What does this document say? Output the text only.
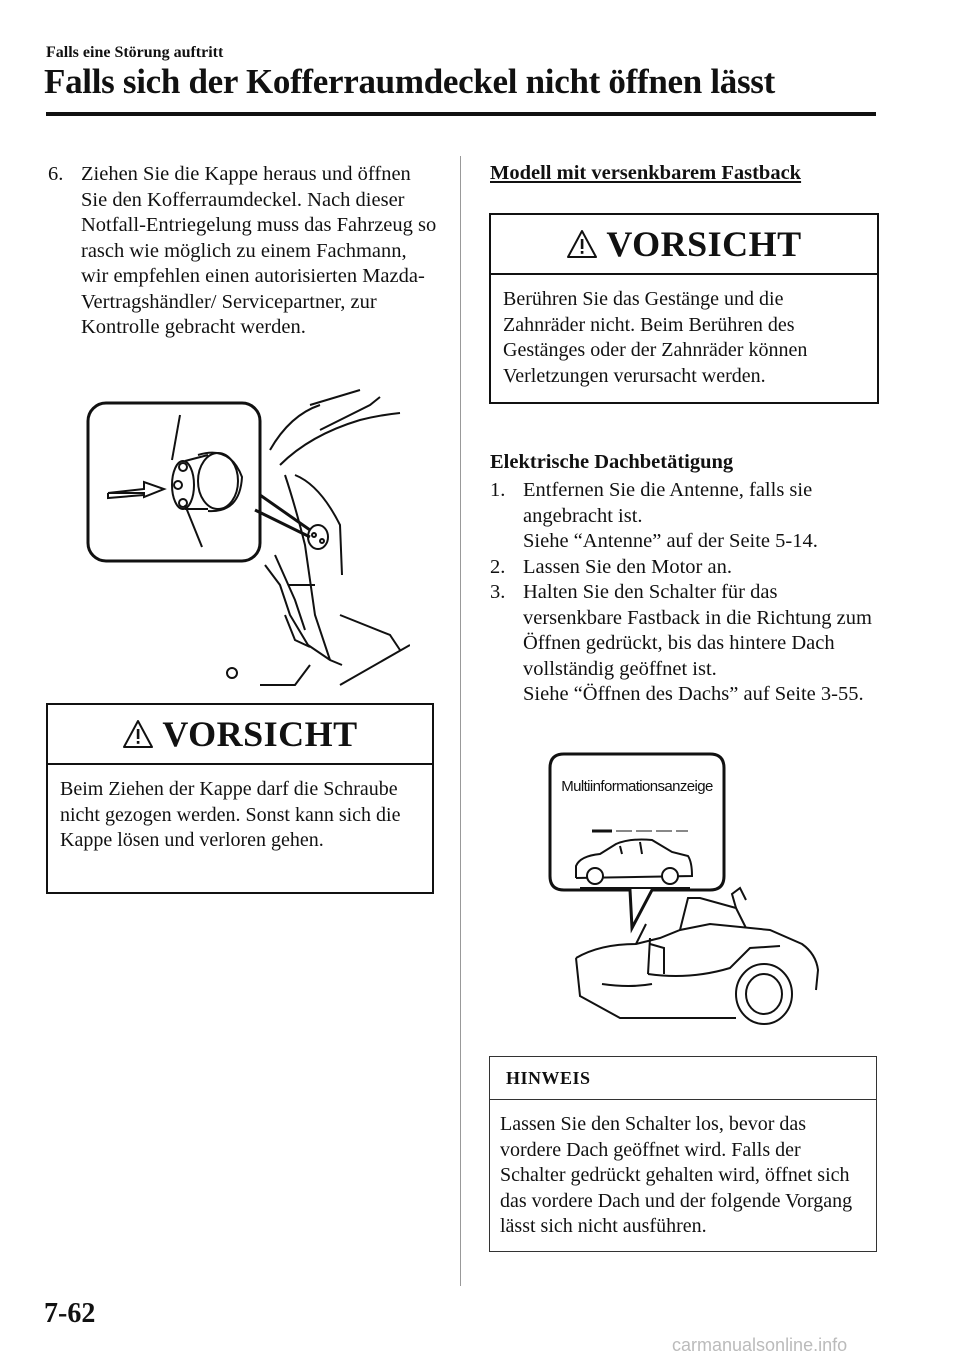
Falls eine Störung auftritt
Falls sich der Kofferraumdeckel nicht öffnen lässt

6. Ziehen Sie die Kappe heraus und öffnen Sie den Kofferraumdeckel. Nach dieser Notfall-Entriegelung muss das Fahrzeug so rasch wie möglich zu einem Fachmann, wir empfehlen einen autorisierten Mazda-Vertragshändler/ Servicepartner, zur Kontrolle gebracht werden.

VORSICHT
Beim Ziehen der Kappe darf die Schraube nicht gezogen werden. Sonst kann sich die Kappe lösen und verloren gehen.
Modell mit versenkbarem Fastback
VORSICHT
Berühren Sie das Gestänge und die Zahnräder nicht. Beim Berühren des Gestänges oder der Zahnräder können Verletzungen verursacht werden.
Elektrische Dachbetätigung

1. Entfernen Sie die Antenne, falls sie angebracht ist.
Siehe “Antenne” auf der Seite 5-14.

2. Lassen Sie den Motor an.

3. Halten Sie den Schalter für das versenkbare Fastback in die Richtung zum Öffnen gedrückt, bis das hintere Dach vollständig geöffnet ist.
Siehe “Öffnen des Dachs” auf Seite 3-55.

Multiinformationsanzeige
HINWEIS
Lassen Sie den Schalter los, bevor das vordere Dach geöffnet wird. Falls der Schalter gedrückt gehalten wird, öffnet sich das vordere Dach und der folgende Vorgang lässt sich nicht ausführen.
7-62
carmanualsonline.info
